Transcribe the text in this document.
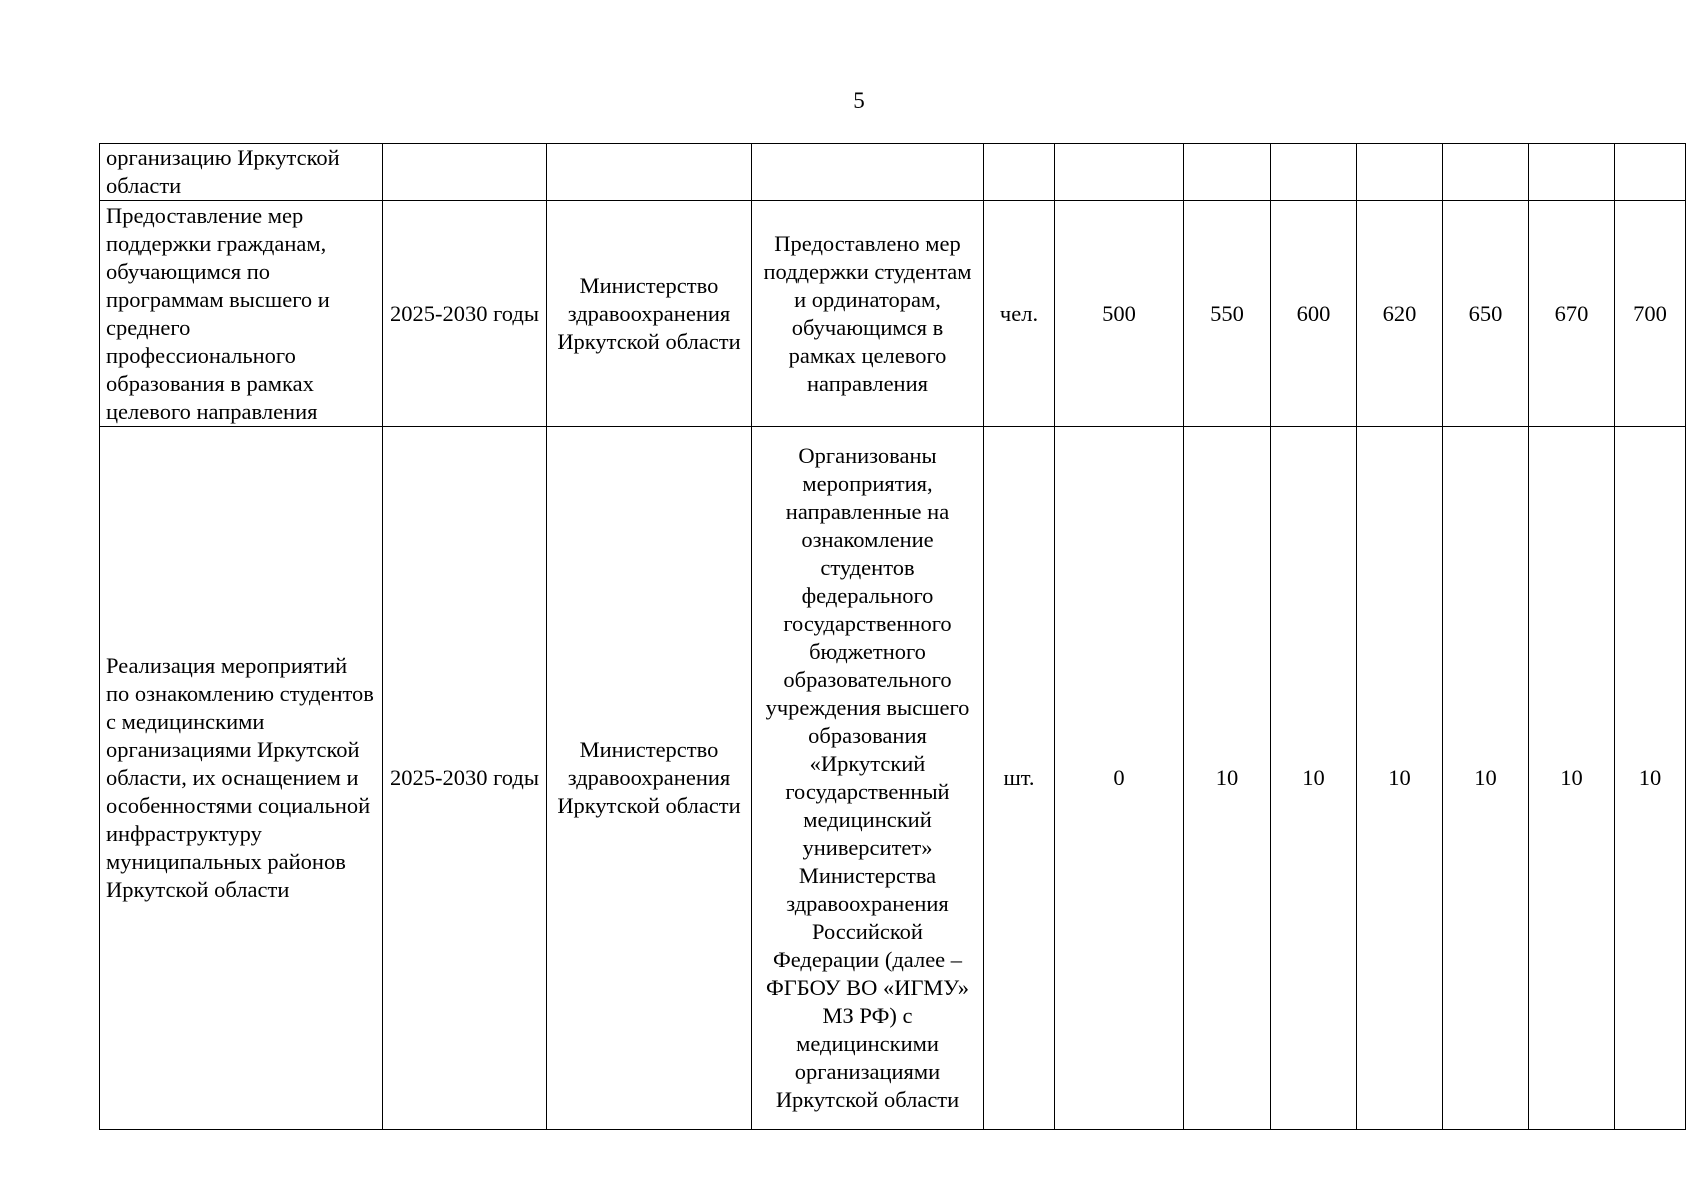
5
организацию Иркутской области											
Предоставление мер поддержки гражданам, обучающимся по программам высшего и среднего профессионального образования в рамках целевого направления	2025-2030 годы	Министерство здравоохранения Иркутской области	Предоставлено мер поддержки студентам и ординаторам, обучающимся в рамках целевого направления	чел.	500	550	600	620	650	670	700
Реализация мероприятий по ознакомлению студентов с медицинскими организациями Иркутской области, их оснащением и особенностями социальной инфраструктуру муниципальных районов Иркутской области	2025-2030 годы	Министерство здравоохранения Иркутской области	Организованы мероприятия, направленные на ознакомление студентов федерального государственного бюджетного образовательного учреждения высшего образования «Иркутский государственный медицинский университет» Министерства здравоохранения Российской Федерации (далее – ФГБОУ ВО «ИГМУ» МЗ РФ) с медицинскими организациями Иркутской области	шт.	0	10	10	10	10	10	10
